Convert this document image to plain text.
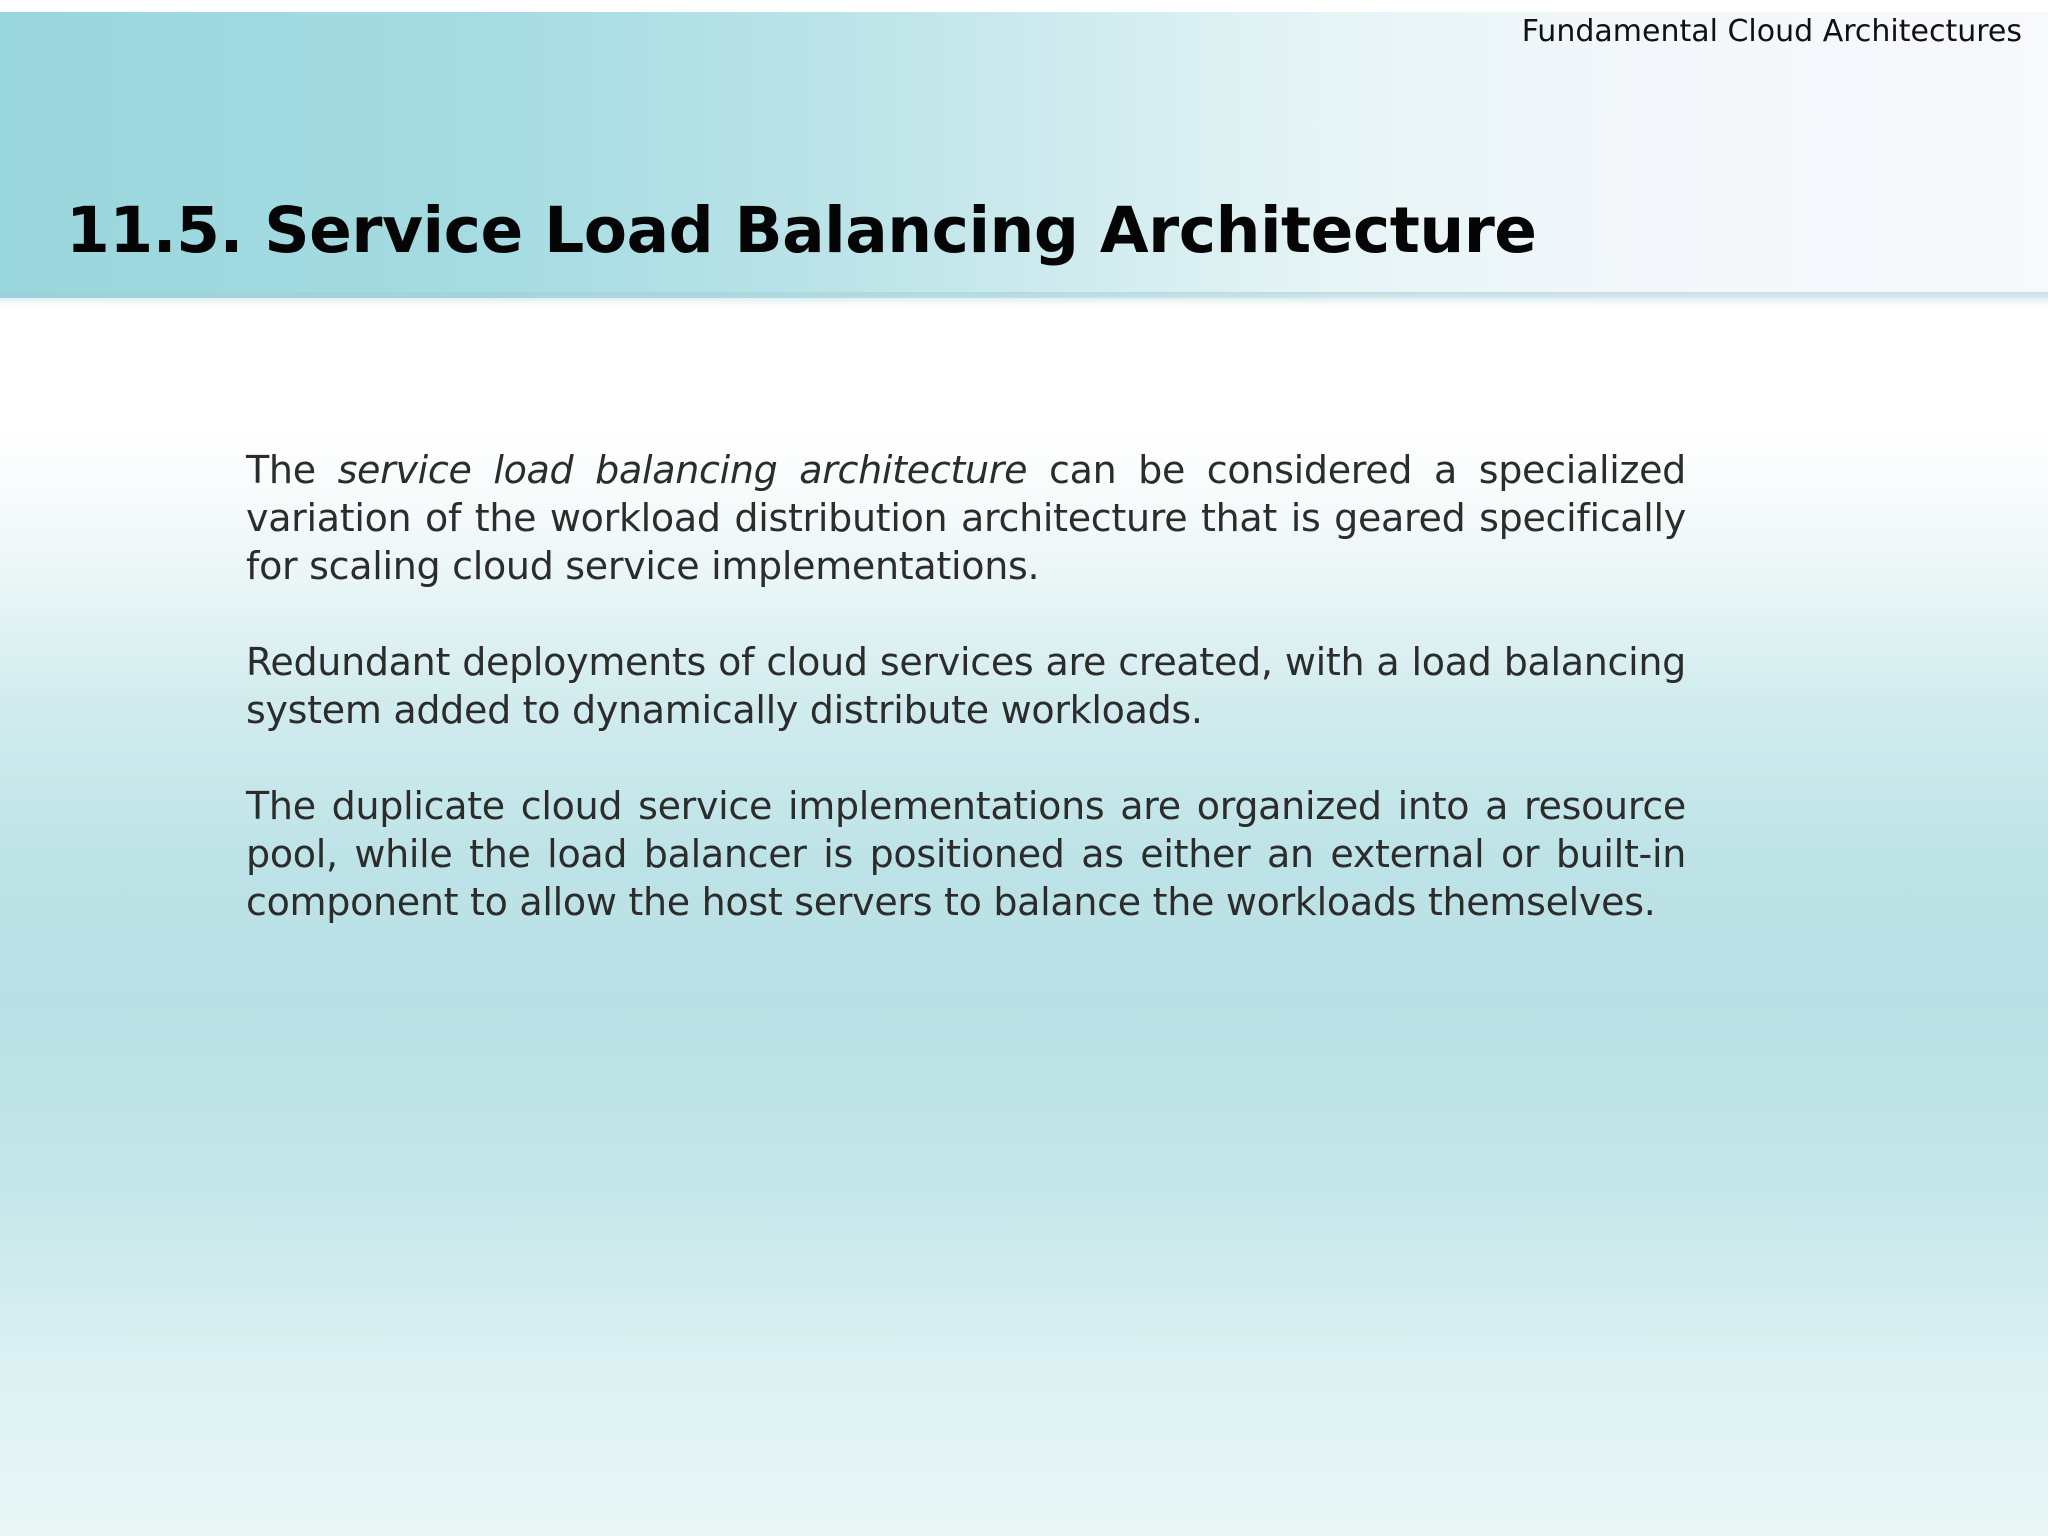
Fundamental Cloud Architectures
11.5. Service Load Balancing Architecture

The service load balancing architecture can be considered a specialized variation of the workload distribution architecture that is geared specifically for scaling cloud service implementations.

Redundant deployments of cloud services are created, with a load balancing system added to dynamically distribute workloads.

The duplicate cloud service implementations are organized into a resource pool, while the load balancer is positioned as either an external or built-in component to allow the host servers to balance the workloads themselves.
